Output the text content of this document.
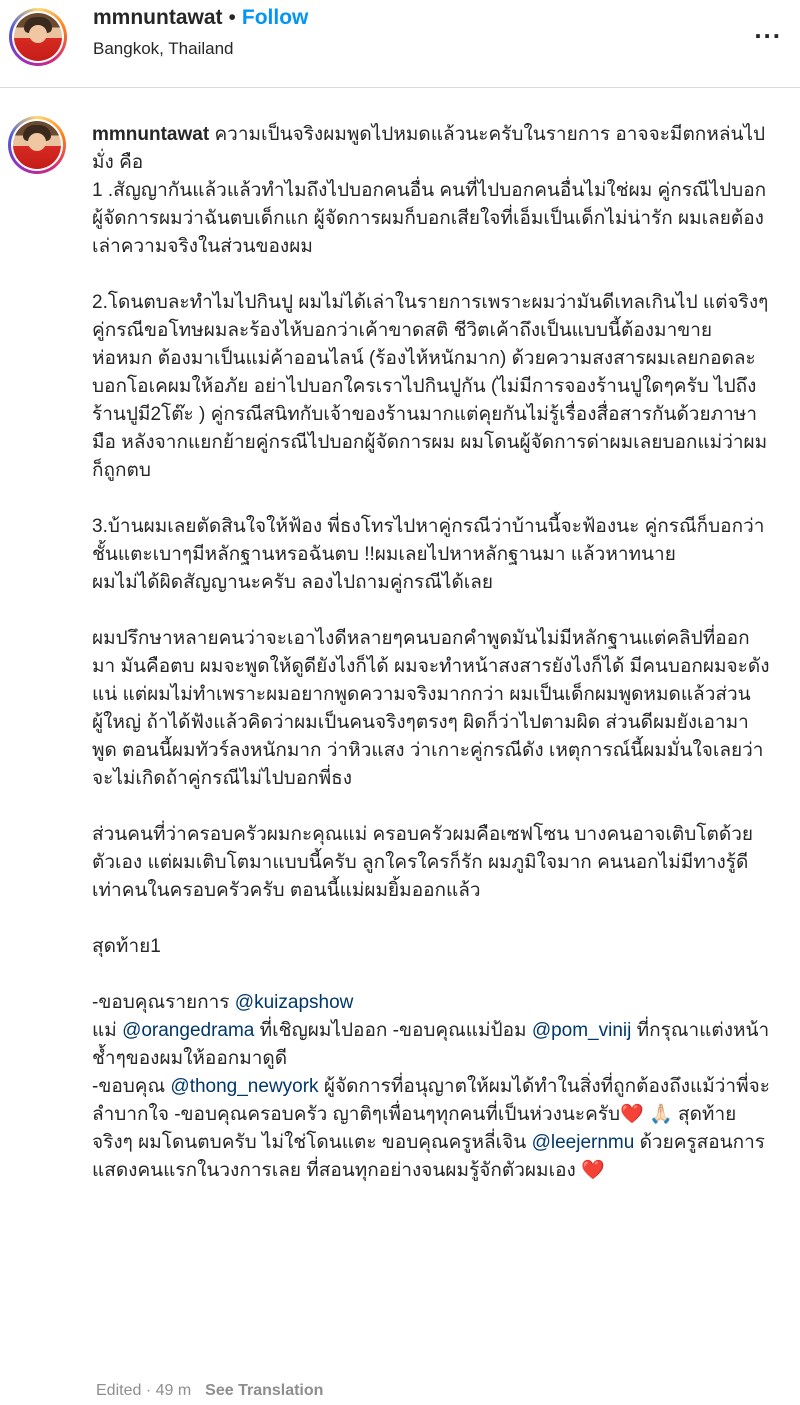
mmnuntawat • Follow
Bangkok, Thailand
...

mmnuntawat ความเป็นจริงผมพูดไปหมดแล้วนะครับในรายการ อาจจะมีตกหล่นไปมั่ง คือ

1 .สัญญากันแล้วแล้วทำไมถึงไปบอกคนอื่น คนที่ไปบอกคนอื่นไม่ใช่ผม คู่กรณีไปบอกผู้จัดการผมว่าฉันตบเด็กแก ผู้จัดการผมก็บอกเสียใจที่เอ็มเป็นเด็กไม่น่ารัก ผมเลยต้องเล่าความจริงในส่วนของผม

2.โดนตบละทำไมไปกินปู ผมไม่ได้เล่าในรายการเพราะผมว่ามันดีเทลเกินไป แต่จริงๆ คู่กรณีขอโทษผมละร้องไห้บอกว่าเค้าขาดสติ ชีวิตเค้าถึงเป็นแบบนี้ต้องมาขายห่อหมก ต้องมาเป็นแม่ค้าออนไลน์ (ร้องไห้หนักมาก) ด้วยความสงสารผมเลยกอดละบอกโอเคผมให้อภัย อย่าไปบอกใครเราไปกินปูกัน (ไม่มีการจองร้านปูใดๆครับ ไปถึงร้านปูมี2โต๊ะ ) คู่กรณีสนิทกับเจ้าของร้านมากแต่คุยกันไม่รู้เรื่องสื่อสารกันด้วยภาษามือ หลังจากแยกย้ายคู่กรณีไปบอกผู้จัดการผม ผมโดนผู้จัดการด่าผมเลยบอกแม่ว่าผมก็ถูกตบ

3.บ้านผมเลยตัดสินใจให้ฟ้อง พี่ธงโทรไปหาคู่กรณีว่าบ้านนี้จะฟ้องนะ คู่กรณีก็บอกว่า ชั้นแตะเบาๆมีหลักฐานหรอฉันตบ !!ผมเลยไปหาหลักฐานมา แล้วหาทนาย

ผมไม่ได้ผิดสัญญานะครับ ลองไปถามคู่กรณีได้เลย

ผมปรึกษาหลายคนว่าจะเอาไงดีหลายๆคนบอกคำพูดมันไม่มีหลักฐานแต่คลิปที่ออกมา มันคือตบ ผมจะพูดให้ดูดียังไงก็ได้ ผมจะทำหน้าสงสารยังไงก็ได้ มีคนบอกผมจะดังแน่ แต่ผมไม่ทำเพราะผมอยากพูดความจริงมากกว่า ผมเป็นเด็กผมพูดหมดแล้วส่วนผู้ใหญ่ ถ้าได้ฟังแล้วคิดว่าผมเป็นคนจริงๆตรงๆ ผิดก็ว่าไปตามผิด ส่วนดีผมยังเอามาพูด ตอนนี้ผมทัวร์ลงหนักมาก ว่าหิวแสง ว่าเกาะคู่กรณีดัง เหตุการณ์นี้ผมมั่นใจเลยว่าจะไม่เกิดถ้าคู่กรณีไม่ไปบอกพี่ธง

ส่วนคนที่ว่าครอบครัวผมกะคุณแม่ ครอบครัวผมคือเซฟโซน บางคนอาจเติบโตด้วยตัวเอง แต่ผมเติบโตมาแบบนี้ครับ ลูกใครใครก็รัก ผมภูมิใจมาก คนนอกไม่มีทางรู้ดีเท่าคนในครอบครัวครับ ตอนนี้แม่ผมยิ้มออกแล้ว

สุดท้าย1

-ขอบคุณรายการ @kuizapshow

แม่ @orangedrama ที่เชิญผมไปออก -ขอบคุณแม่ป้อม @pom_vinij ที่กรุณาแต่งหน้าช้ำๆของผมให้ออกมาดูดี

-ขอบคุณ @thong_newyork ผู้จัดการที่อนุญาตให้ผมได้ทำในสิ่งที่ถูกต้องถึงแม้ว่าพี่จะลำบากใจ -ขอบคุณครอบครัว ญาติๆเพื่อนๆทุกคนที่เป็นห่วงนะครับ❤️ 🙏🏻 สุดท้ายจริงๆ ผมโดนตบครับ ไม่ใช่โดนแตะ ขอบคุณครูหลี่เจิน @leejernmu ด้วยครูสอนการแสดงคนแรกในวงการเลย ที่สอนทุกอย่างจนผมรู้จักตัวผมเอง ❤️

Edited · 49 m See Translation
